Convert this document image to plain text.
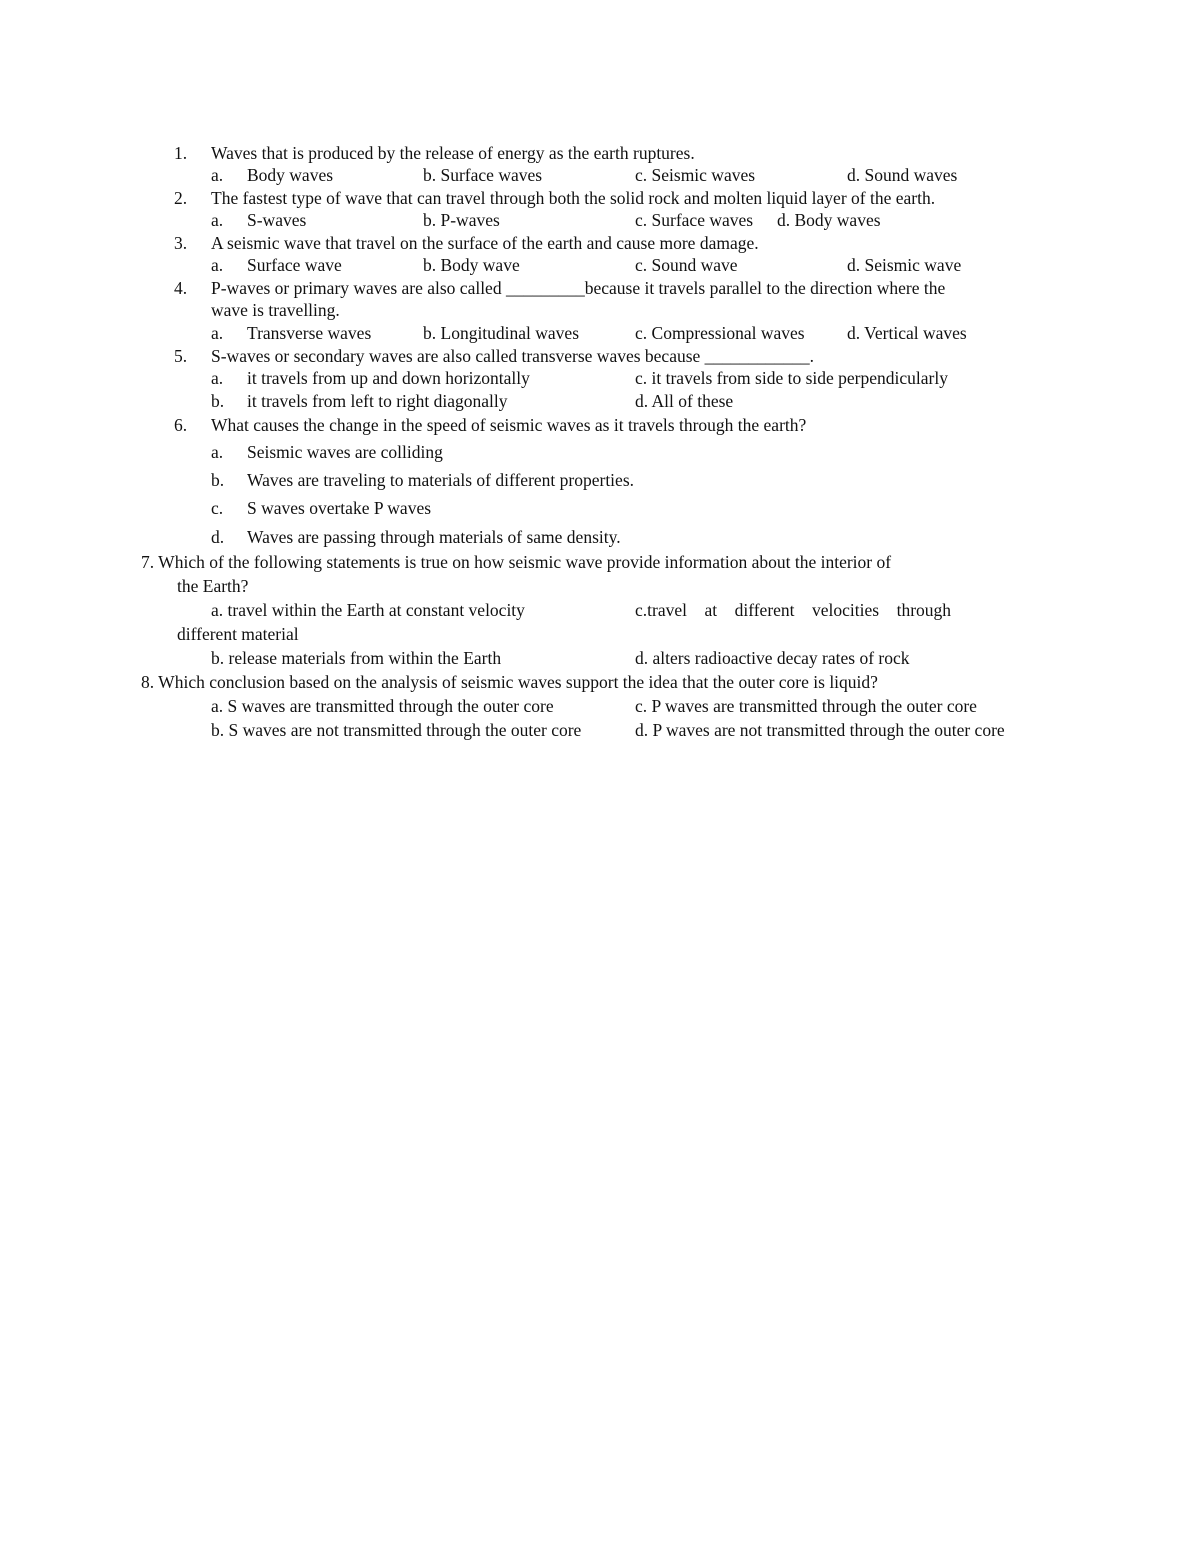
1. Waves that is produced by the release of energy as the earth ruptures.
a. Body waves	b. Surface waves	c. Seismic waves	d. Sound waves
2. The fastest type of wave that can travel through both the solid rock and molten liquid layer of the earth.
a. S-waves	b. P-waves	c. Surface waves d. Body waves
3. A seismic wave that travel on the surface of the earth and cause more damage.
a. Surface wave	b. Body wave	c. Sound wave	d. Seismic wave
4. P-waves or primary waves are also called _________because it travels parallel to the direction where the
wave is travelling.
a. Transverse waves	b. Longitudinal waves	c. Compressional waves d. Vertical waves
5. S-waves or secondary waves are also called transverse waves because ____________.
a. it travels from up and down horizontally	c. it travels from side to side perpendicularly
b. it travels from left to right diagonally	d. All of these
6. What causes the change in the speed of seismic waves as it travels through the earth?
a. Seismic waves are colliding
b. Waves are traveling to materials of different properties.
c. S waves overtake P waves
d. Waves are passing through materials of same density.
7. Which of the following statements is true on how seismic wave provide information about the interior of
the Earth?
a. travel within the Earth at constant velocity	c.travel    at    different    velocities    through
different material
b. release materials from within the Earth	d. alters radioactive decay rates of rock
8. Which conclusion based on the analysis of seismic waves support the idea that the outer core is liquid?
a. S waves are transmitted through the outer core	c. P waves are transmitted through the outer core
b. S waves are not transmitted through the outer core	d. P waves are not transmitted through the outer core
